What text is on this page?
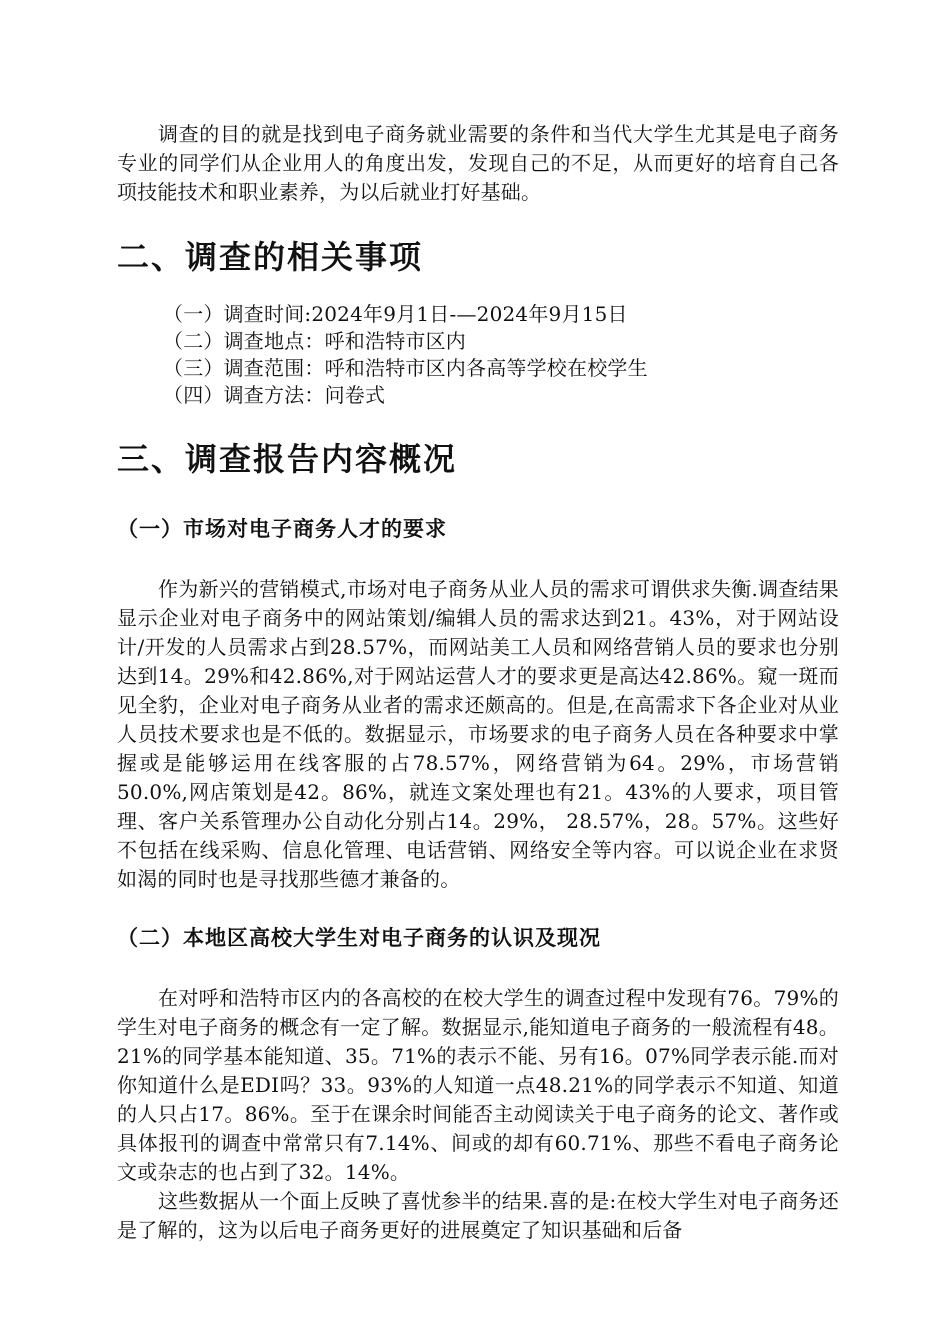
调查的目的就是找到电子商务就业需要的条件和当代大学生尤其是电子商务专业的同学们从企业用人的角度出发，发现自己的不足，从而更好的培育自己各项技能技术和职业素养，为以后就业打好基础。

二、调查的相关事项
（一）调查时间:2024年9月1日-—2024年9月15日
（二）调查地点：呼和浩特市区内
（三）调查范围：呼和浩特市区内各高等学校在校学生
（四）调查方法：问卷式
三、调查报告内容概况
（一）市场对电子商务人才的要求

作为新兴的营销模式,市场对电子商务从业人员的需求可谓供求失衡.调查结果显示企业对电子商务中的网站策划/编辑人员的需求达到21。43%，对于网站设计/开发的人员需求占到28.57%，而网站美工人员和网络营销人员的要求也分别达到14。29%和42.86%,对于网站运营人才的要求更是高达42.86%。窥一斑而见全豹，企业对电子商务从业者的需求还颇高的。但是,在高需求下各企业对从业人员技术要求也是不低的。数据显示，市场要求的电子商务人员在各种要求中掌握或是能够运用在线客服的占78.57%，网络营销为64。29%，市场营销50.0%,网店策划是42。86%，就连文案处理也有21。43%的人要求，项目管理、客户关系管理办公自动化分别占14。29%， 28.57%，28。57%。这些好不包括在线采购、信息化管理、电话营销、网络安全等内容。可以说企业在求贤如渴的同时也是寻找那些德才兼备的。

（二）本地区高校大学生对电子商务的认识及现况

在对呼和浩特市区内的各高校的在校大学生的调查过程中发现有76。79%的学生对电子商务的概念有一定了解。数据显示,能知道电子商务的一般流程有48。21%的同学基本能知道、35。71%的表示不能、另有16。07%同学表示能.而对你知道什么是EDI吗？33。93%的人知道一点48.21%的同学表示不知道、知道的人只占17。86%。至于在课余时间能否主动阅读关于电子商务的论文、著作或具体报刊的调查中常常只有7.14%、间或的却有60.71%、那些不看电子商务论文或杂志的也占到了32。14%。

这些数据从一个面上反映了喜忧参半的结果.喜的是:在校大学生对电子商务还是了解的，这为以后电子商务更好的进展奠定了知识基础和后备
